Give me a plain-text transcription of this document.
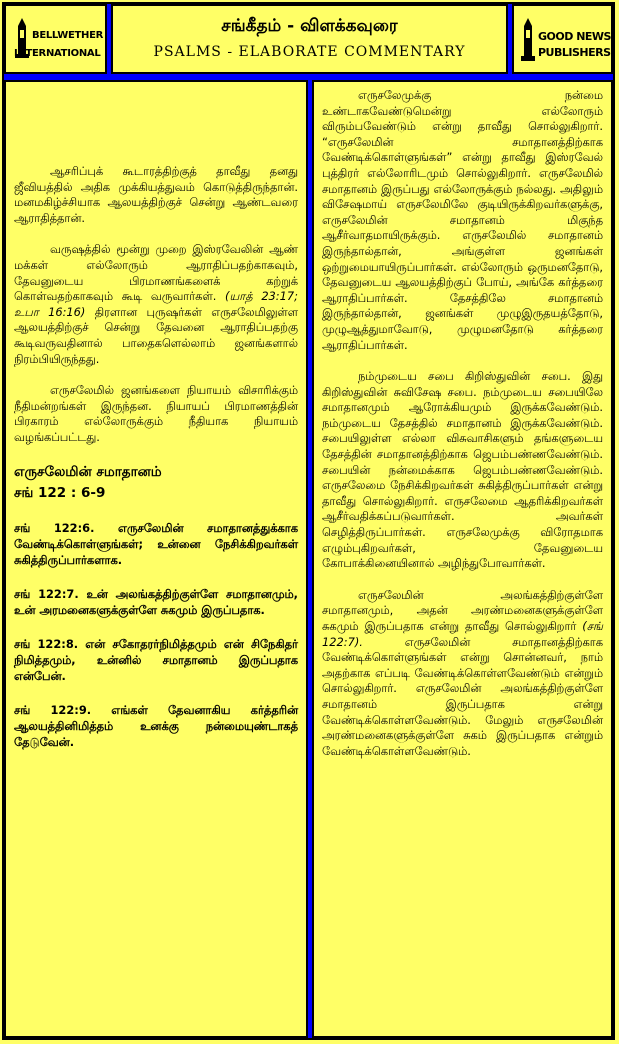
BELLWETHER
INTERNATIONAL
சங்கீதம் - விளக்கவுரை
PSALMS - ELABORATE COMMENTARY
GOOD NEWS
PUBLISHERS

ஆசரிப்புக் கூடாரத்திற்குத் தாவீது தனது ஜீவியத்தில் அதிக முக்கியத்துவம் கொடுத்திருந்தான். மனமகிழ்ச்சியாக ஆலயத்திற்குச் சென்று ஆண்டவரை ஆராதித்தான்.

வருஷத்தில் மூன்று முறை இஸ்ரவேலின் ஆண் மக்கள் எல்லோரும் ஆராதிப்பதற்காகவும், தேவனுடைய பிரமாணங்களைக் கற்றுக் கொள்வதற்காகவும் கூடி வருவார்கள். (யாத் 23:17; உபா 16:16) திரளான புருஷர்கள் எருசலேமிலுள்ள ஆலயத்திற்குச் சென்று தேவனை ஆராதிப்பதற்கு கூடிவருவதினால் பாதைகளெல்லாம் ஜனங்களால் நிரம்பியிருந்தது.

எருசலேமில் ஜனங்களை நியாயம் விசாரிக்கும் நீதிமன்றங்கள் இருந்தன. நியாயப் பிரமாணத்தின் பிரகாரம் எல்லோருக்கும் நீதியாக நியாயம் வழங்கப்பட்டது.

எருசலேமின் சமாதானம்
சங் 122 : 6-9
சங் 122:6. எருசலேமின் சமாதானத்துக்காக வேண்டிக்கொள்ளுங்கள்; உன்னை நேசிக்கிறவர்கள் சுகித்திருப்பார்களாக.
சங் 122:7. உன் அலங்கத்திற்குள்ளே சமாதானமும், உன் அரமனைகளுக்குள்ளே சுகமும் இருப்பதாக.
சங் 122:8. என் சகோதரர்நிமித்தமும் என் சிநேகிதர் நிமித்தமும், உன்னில் சமாதானம் இருப்பதாக என்பேன்.
சங் 122:9. எங்கள் தேவனாகிய கர்த்தரின் ஆலயத்தினிமித்தம் உனக்கு நன்மையுண்டாகத் தேடுவேன்.

எருசலேமுக்கு நன்மை உண்டாகவேண்டுமென்று எல்லோரும் விரும்பவேண்டும் என்று தாவீது சொல்லுகிறார். “எருசலேமின் சமாதானத்திற்காக வேண்டிக்கொள்ளுங்கள்” என்று தாவீது இஸ்ரவேல் புத்திரர் எல்லோரிடமும் சொல்லுகிறார். எருசலேமில் சமாதானம் இருப்பது எல்லோருக்கும் நல்லது. அதிலும் விசேஷமாய் எருசலேமிலே குடியிருக்கிறவர்களுக்கு, எருசலேமின் சமாதானம் மிகுந்த ஆசீர்வாதமாயிருக்கும். எருசலேமில் சமாதானம் இருந்தால்தான், அங்குள்ள ஜனங்கள் ஒற்றுமையாயிருப்பார்கள். எல்லோரும் ஒருமனதோடு, தேவனுடைய ஆலயத்திற்குப் போய், அங்கே கர்த்தரை ஆராதிப்பார்கள். தேசத்திலே சமாதானம் இருந்தால்தான், ஜனங்கள் முழுஇருதயத்தோடு, முழுஆத்துமாவோடு, முழுமனதோடு கர்த்தரை ஆராதிப்பார்கள்.

நம்முடைய சபை கிறிஸ்துவின் சபை. இது கிறிஸ்துவின் சுவிசேஷ சபை. நம்முடைய சபையிலே சமாதானமும் ஆரோக்கியமும் இருக்கவேண்டும். நம்முடைய தேசத்தில் சமாதானம் இருக்கவேண்டும். சபையிலுள்ள எல்லா விசுவாசிகளும் தங்களுடைய தேசத்தின் சமாதானத்திற்காக ஜெபம்பண்ணவேண்டும். சபையின் நன்மைக்காக ஜெபம்பண்ணவேண்டும். எருசலேமை நேசிக்கிறவர்கள் சுகித்திருப்பார்கள் என்று தாவீது சொல்லுகிறார். எருசலேமை ஆதரிக்கிறவர்கள் ஆசீர்வதிக்கப்படுவார்கள். அவர்கள் செழித்திருப்பார்கள். எருசலேமுக்கு விரோதமாக எழும்புகிறவர்கள், தேவனுடைய கோபாக்கினையினால் அழிந்துபோவார்கள்.

எருசலேமின் அலங்கத்திற்குள்ளே சமாதானமும், அதன் அரண்மனைகளுக்குள்ளே சுகமும் இருப்பதாக என்று தாவீது சொல்லுகிறார் (சங் 122:7).	எருசலேமின் சமாதானத்திற்காக வேண்டிக்கொள்ளுங்கள் என்று சொன்னவர், நாம் அதற்காக எப்படி வேண்டிக்கொள்ளவேண்டும் என்றும் சொல்லுகிறார். எருசலேமின் அலங்கத்திற்குள்ளே சமாதானம் இருப்பதாக என்று வேண்டிக்கொள்ளவேண்டும். மேலும் எருசலேமின் அரண்மனைகளுக்குள்ளே சுகம் இருப்பதாக என்றும் வேண்டிக்கொள்ளவேண்டும்.
